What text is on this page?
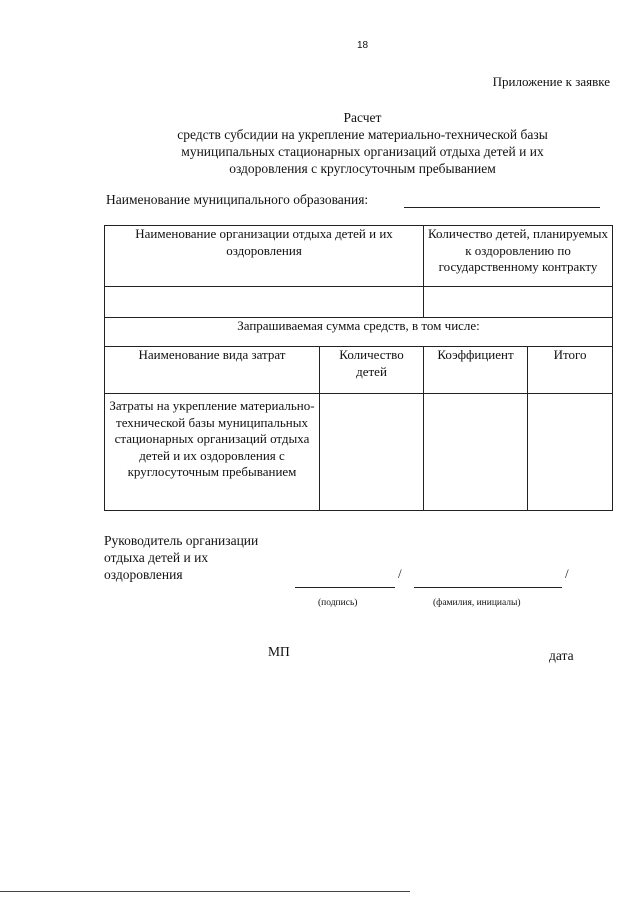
18
Приложение к заявке
Расчет
средств субсидии на укрепление материально-технической базы
муниципальных стационарных организаций отдыха детей и их
оздоровления с круглосуточным пребыванием
Наименование муниципального образования:
Наименование организации отдыха детей и их оздоровления		Количество детей, планируемых к оздоровлению по государственному контракту	

Запрашиваемая сумма средств, в том числе:			
Наименование вида затрат	Количество детей	Коэффициент	Итого
Затраты на укрепление материально-технической базы муниципальных стационарных организаций отдыха детей и их оздоровления с круглосуточным пребыванием			
Руководитель организации
отдыха детей и их
оздоровления	/	/
(подпись)	(фамилия, инициалы)
МП	дата
